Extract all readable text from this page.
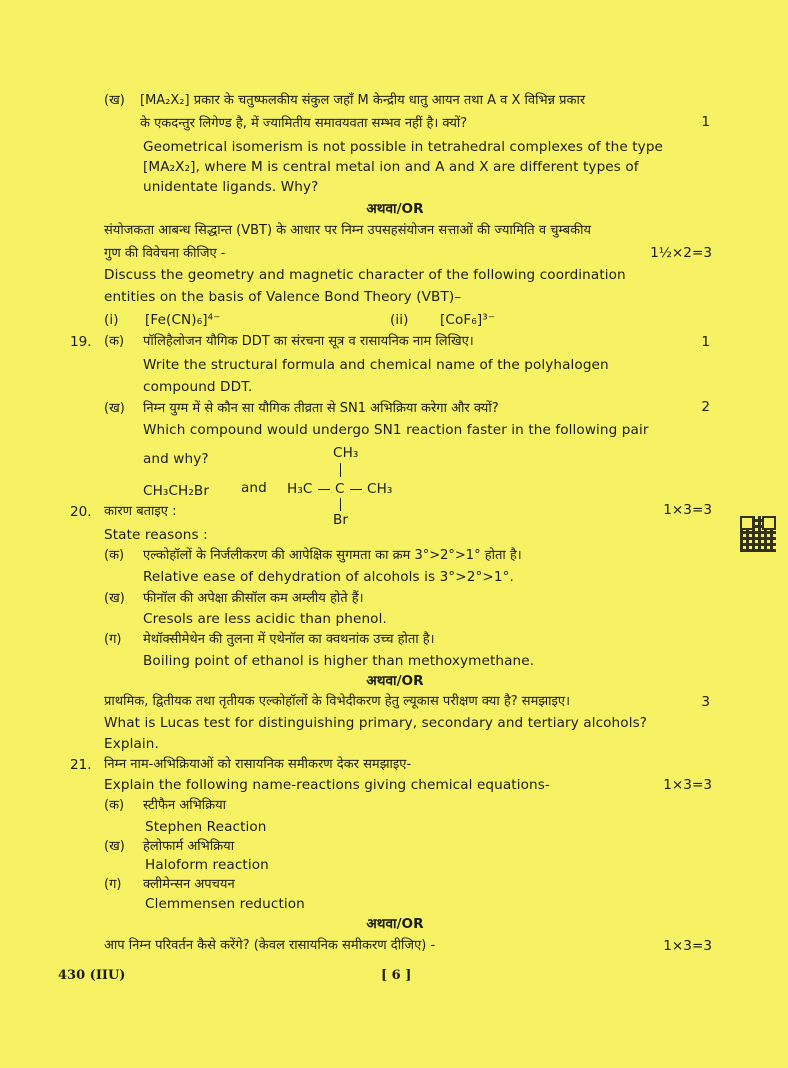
(ख) [MA₂X₂] प्रकार के चतुष्फलकीय संकुल जहाँ M केन्द्रीय धातु आयन तथा A व X विभिन्न प्रकार
के एकदन्तुर लिगेण्ड है, में ज्यामितीय समावयवता सम्भव नहीं है। क्यों?	1
Geometrical isomerism is not possible in tetrahedral complexes of the type
[MA₂X₂], where M is central metal ion and A and X are different types of
unidentate ligands. Why?
अथवा/OR
संयोजकता आबन्ध सिद्धान्त (VBT) के आधार पर निम्न उपसहसंयोजन सत्ताओं की ज्यामिति व चुम्बकीय
गुण की विवेचना कीजिए -	1½×2=3
Discuss the geometry and magnetic character of the following coordination
entities on the basis of Valence Bond Theory (VBT)–
(i) [Fe(CN)₆]⁴⁻	(ii) [CoF₆]³⁻
19. (क) पॉलिहैलोजन यौगिक DDT का संरचना सूत्र व रासायनिक नाम लिखिए।	1
Write the structural formula and chemical name of the polyhalogen
compound DDT.
(ख) निम्न युग्म में से कौन सा यौगिक तीव्रता से SN1 अभिक्रिया करेगा और क्यों?	2
Which compound would undergo SN1 reaction faster in the following pair
and why?
CH₃CH₂Br and
CH₃
H₃C C CH₃
Br
20. कारण बताइए :	1×3=3
State reasons :
(क) एल्कोहॉलों के निर्जलीकरण की आपेक्षिक सुगमता का क्रम 3°>2°>1° होता है।
Relative ease of dehydration of alcohols is 3°>2°>1°.
(ख) फीनॉल की अपेक्षा क्रीसॉल कम अम्लीय होते हैं।
Cresols are less acidic than phenol.
(ग) मेथॉक्सीमेथेन की तुलना में एथेनॉल का क्वथनांक उच्च होता है।
Boiling point of ethanol is higher than methoxymethane.
अथवा/OR
प्राथमिक, द्वितीयक तथा तृतीयक एल्कोहॉलों के विभेदीकरण हेतु ल्यूकास परीक्षण क्या है? समझाइए।	3
What is Lucas test for distinguishing primary, secondary and tertiary alcohols?
Explain.
21. निम्न नाम-अभिक्रियाओं को रासायनिक समीकरण देकर समझाइए-
Explain the following name-reactions giving chemical equations-	1×3=3
(क) स्टीफैन अभिक्रिया
Stephen Reaction
(ख) हेलोफार्म अभिक्रिया
Haloform reaction
(ग) क्लीमेन्सन अपचयन
Clemmensen reduction
अथवा/OR
आप निम्न परिवर्तन कैसे करेंगे? (केवल रासायनिक समीकरण दीजिए) -	1×3=3
430 (IIU)	[ 6 ]
